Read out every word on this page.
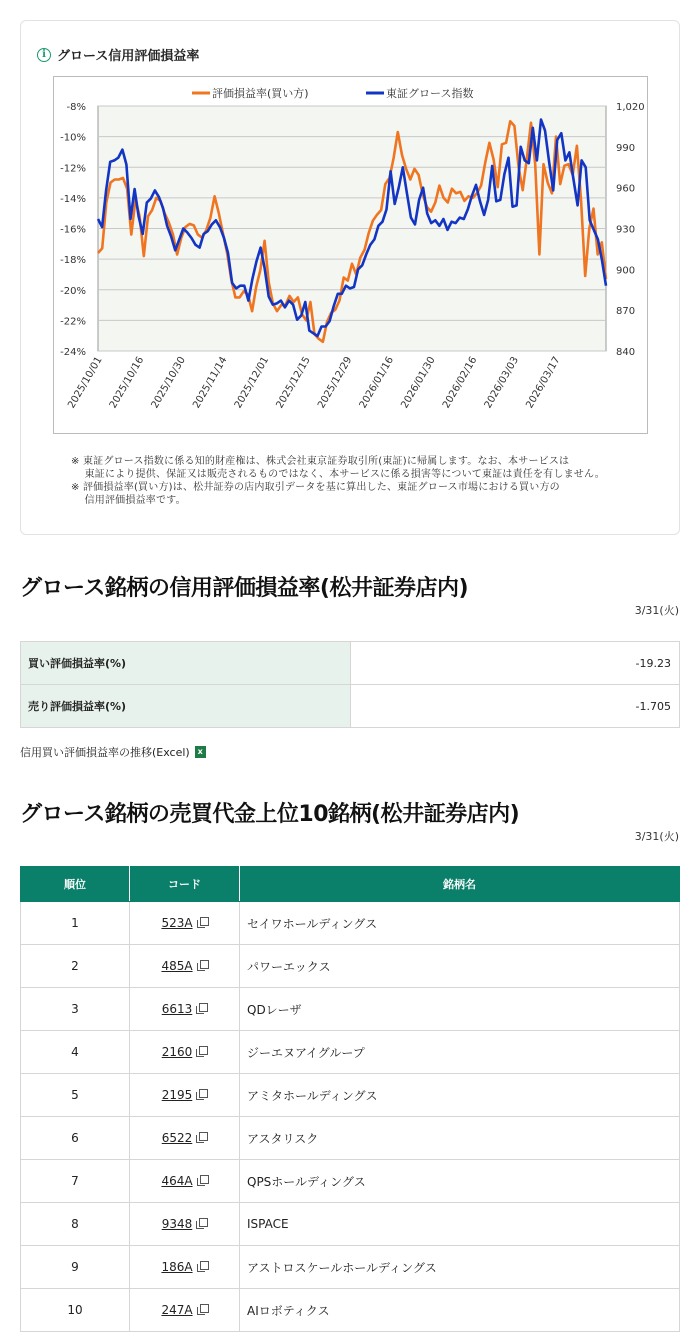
i グロース信用評価損益率
-8%
-10%
-12%
-14%
-16%
-18%
-20%
-22%
-24%
1,020
990
960
930
900
870
840
2025/10/01 2025/10/16 2025/10/30 2025/11/14 2025/12/01 2025/12/15 2025/12/29 2026/01/16 2026/01/30 2026/02/16 2026/03/03 2026/03/17
評価損益率(買い方)	東証グロース指数

※ 東証グロース指数に係る知的財産権は、株式会社東京証券取引所(東証)に帰属します。なお、本サービスは

　 東証により提供、保証又は販売されるものではなく、本サービスに係る損害等について東証は責任を有しません。

※ 評価損益率(買い方)は、松井証券の店内取引データを基に算出した、東証グロース市場における買い方の

　 信用評価損益率です。

グロース銘柄の信用評価損益率(松井証券店内)
3/31(火)
買い評価損益率(%)	-19.23
売り評価損益率(%)	-1.705
信用買い評価損益率の推移(Excel) x
グロース銘柄の売買代金上位10銘柄(松井証券店内)
3/31(火)
順位	コード	銘柄名
1	523A	セイワホールディングス
2	485A	パワーエックス
3	6613	QDレーザ
4	2160	ジーエヌアイグループ
5	2195	アミタホールディングス
6	6522	アスタリスク
7	464A	QPSホールディングス
8	9348	ISPACE
9	186A	アストロスケールホールディングス
10	247A	AIロボティクス
